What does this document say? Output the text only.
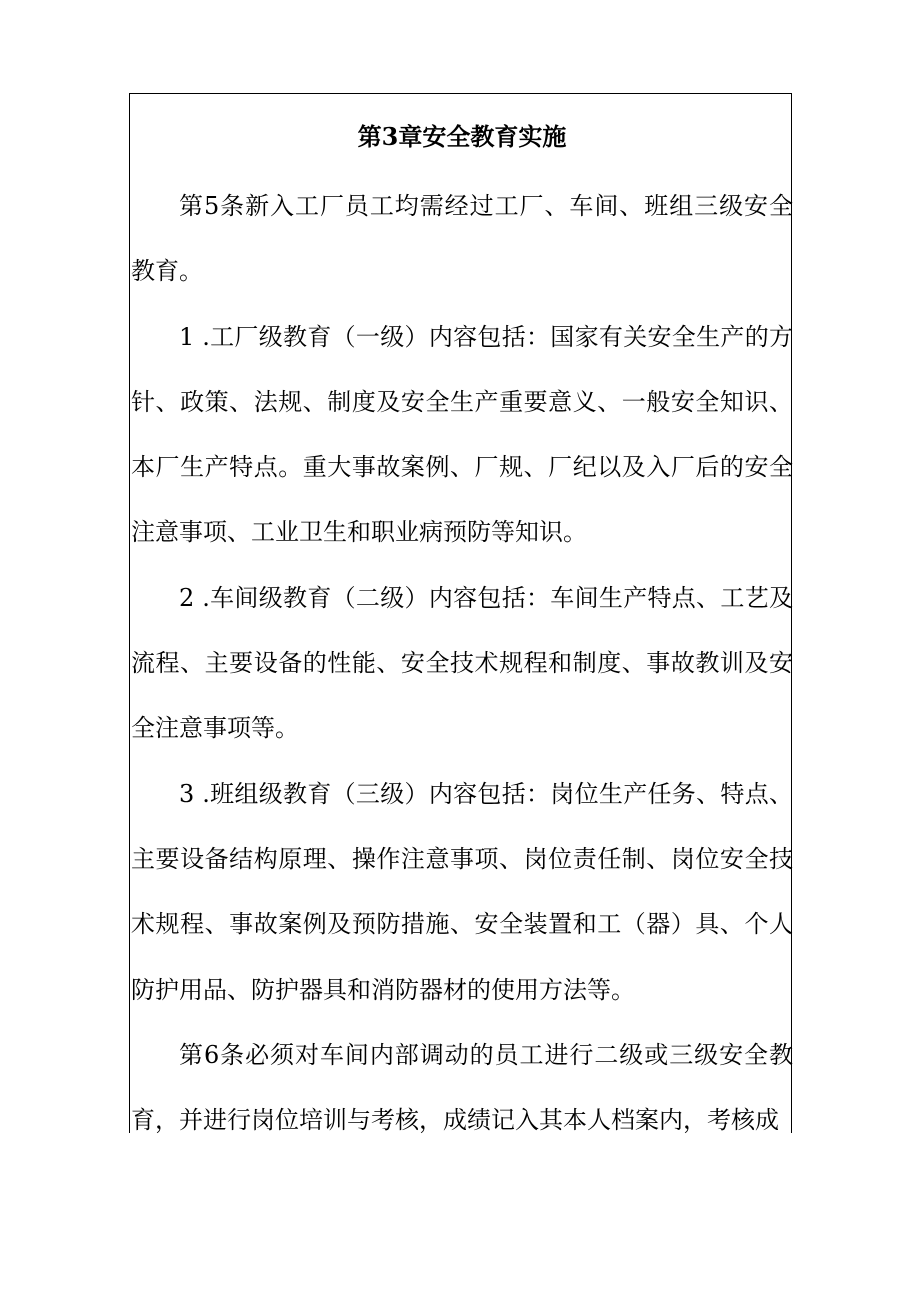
第3章安全教育实施

第5条新入工厂员工均需经过工厂、车间、班组三级安全教育。

1 .工厂级教育（一级）内容包括：国家有关安全生产的方针、政策、法规、制度及安全生产重要意义、一般安全知识、本厂生产特点。重大事故案例、厂规、厂纪以及入厂后的安全注意事项、工业卫生和职业病预防等知识。

2 .车间级教育（二级）内容包括：车间生产特点、工艺及流程、主要设备的性能、安全技术规程和制度、事故教训及安全注意事项等。

3 .班组级教育（三级）内容包括：岗位生产任务、特点、主要设备结构原理、操作注意事项、岗位责任制、岗位安全技术规程、事故案例及预防措施、安全装置和工（器）具、个人防护用品、防护器具和消防器材的使用方法等。

第6条必须对车间内部调动的员工进行二级或三级安全教育，并进行岗位培训与考核，成绩记入其本人档案内，考核成
